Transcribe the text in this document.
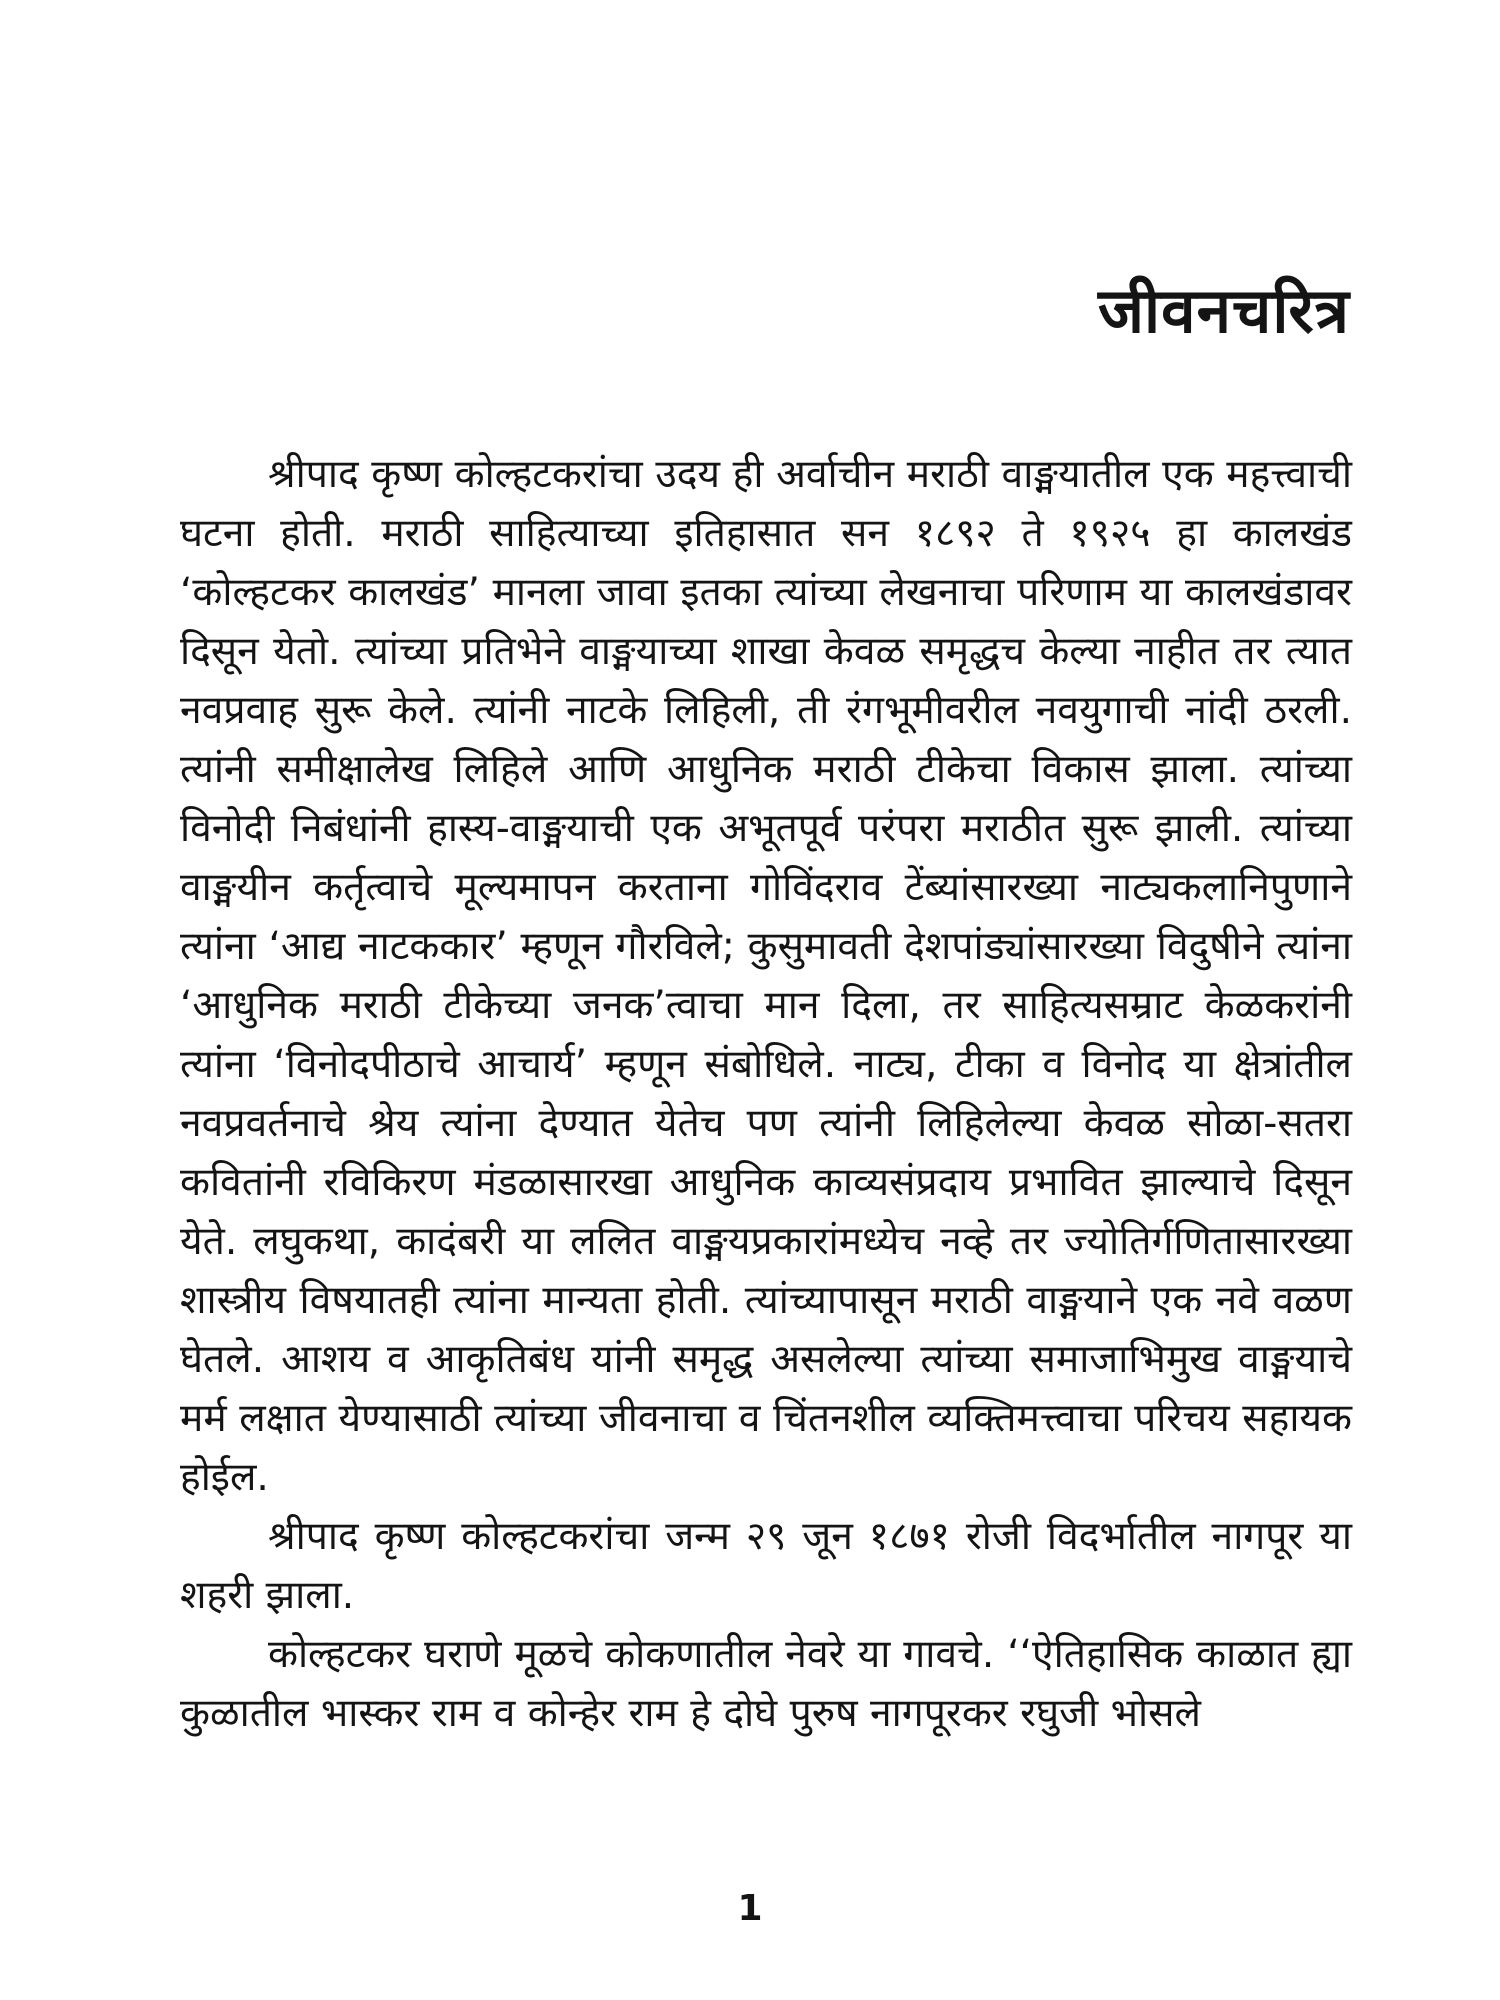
जीवनचरित्र

श्रीपाद कृष्ण कोल्हटकरांचा उदय ही अर्वाचीन मराठी वाङ्मयातील एक महत्त्वाची घटना होती. मराठी साहित्याच्या इतिहासात सन १८९२ ते १९२५ हा कालखंड ‘कोल्हटकर कालखंड’ मानला जावा इतका त्यांच्या लेखनाचा परिणाम या कालखंडावर दिसून येतो. त्यांच्या प्रतिभेने वाङ्मयाच्या शाखा केवळ समृद्धच केल्या नाहीत तर त्यात नवप्रवाह सुरू केले. त्यांनी नाटके लिहिली, ती रंगभूमीवरील नवयुगाची नांदी ठरली. त्यांनी समीक्षालेख लिहिले आणि आधुनिक मराठी टीकेचा विकास झाला. त्यांच्या विनोदी निबंधांनी हास्य-वाङ्मयाची एक अभूतपूर्व परंपरा मराठीत सुरू झाली. त्यांच्या वाङ्मयीन कर्तृत्वाचे मूल्यमापन करताना गोविंदराव टेंब्यांसारख्या नाट्यकलानिपुणाने त्यांना ‘आद्य नाटककार’ म्हणून गौरविले; कुसुमावती देशपांड्यांसारख्या विदुषीने त्यांना ‘आधुनिक मराठी टीकेच्या जनक’त्वाचा मान दिला, तर साहित्यसम्राट केळकरांनी त्यांना ‘विनोदपीठाचे आचार्य’ म्हणून संबोधिले. नाट्य, टीका व विनोद या क्षेत्रांतील नवप्रवर्तनाचे श्रेय त्यांना देण्यात येतेच पण त्यांनी लिहिलेल्या केवळ सोळा-सतरा कवितांनी रविकिरण मंडळासारखा आधुनिक काव्यसंप्रदाय प्रभावित झाल्याचे दिसून येते. लघुकथा, कादंबरी या ललित वाङ्मयप्रकारांमध्येच नव्हे तर ज्योतिर्गणितासारख्या शास्त्रीय विषयातही त्यांना मान्यता होती. त्यांच्यापासून मराठी वाङ्मयाने एक नवे वळण घेतले. आशय व आकृतिबंध यांनी समृद्ध असलेल्या त्यांच्या समाजाभिमुख वाङ्मयाचे मर्म लक्षात येण्यासाठी त्यांच्या जीवनाचा व चिंतनशील व्यक्तिमत्त्वाचा परिचय सहायक होईल.

श्रीपाद कृष्ण कोल्हटकरांचा जन्म २९ जून १८७१ रोजी विदर्भातील नागपूर या शहरी झाला.

कोल्हटकर घराणे मूळचे कोकणातील नेवरे या गावचे. ‘‘ऐतिहासिक काळात ह्या कुळातील भास्कर राम व कोन्हेर राम हे दोघे पुरुष नागपूरकर रघुजी भोसले

1
